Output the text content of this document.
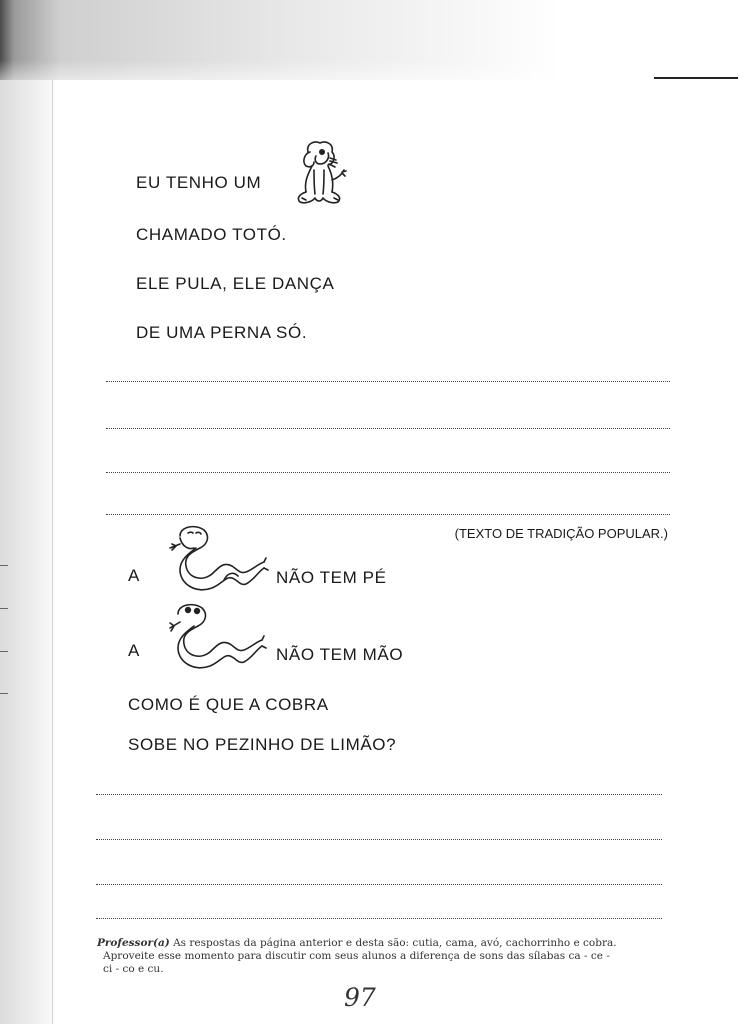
EU TENHO UM
CHAMADO TOTÓ.
ELE PULA, ELE DANÇA
DE UMA PERNA SÓ.
(TEXTO DE TRADIÇÃO POPULAR.)
A	NÃO TEM PÉ
A	NÃO TEM MÃO
COMO É QUE A COBRA
SOBE NO PEZINHO DE LIMÃO?
Professor(a) As respostas da página anterior e desta são: cutia, cama, avó, cachorrinho e cobra.
Aproveite esse momento para discutir com seus alunos a diferença de sons das sílabas ca - ce -
ci - co e cu.
97
